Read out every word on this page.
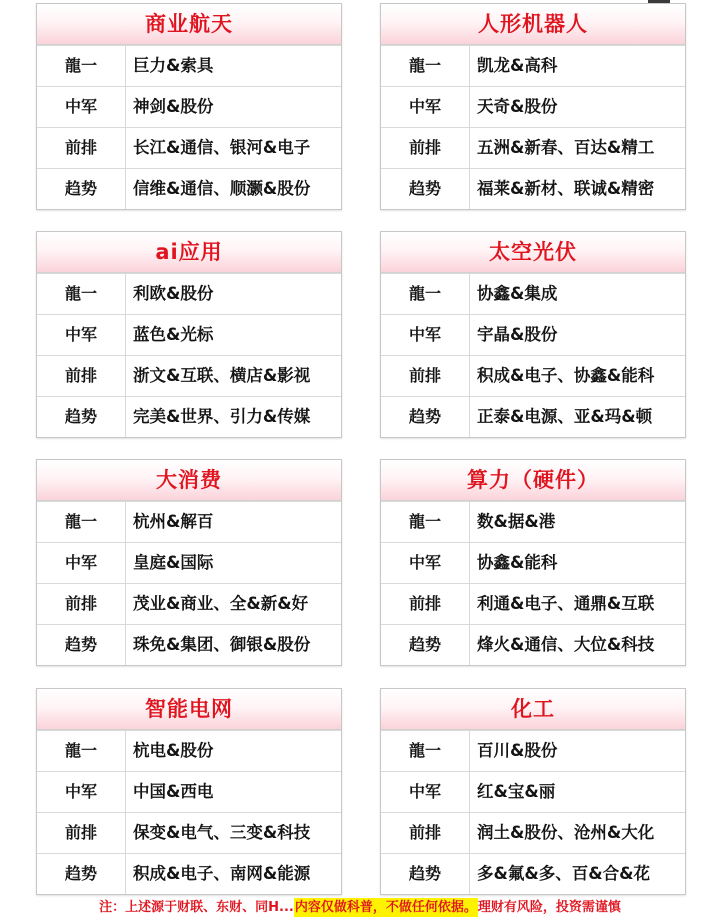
商业航天
龍一	巨力&索具
中军	神剑&股份
前排	长江&通信、银河&电子
趋势	信维&通信、顺灏&股份
人形机器人
龍一	凯龙&高科
中军	天奇&股份
前排	五洲&新春、百达&精工
趋势	福莱&新材、联诚&精密
ai应用
龍一	利欧&股份
中军	蓝色&光标
前排	浙文&互联、横店&影视
趋势	完美&世界、引力&传媒
太空光伏
龍一	协鑫&集成
中军	宇晶&股份
前排	积成&电子、协鑫&能科
趋势	正泰&电源、亚&玛&顿
大消费
龍一	杭州&解百
中军	皇庭&国际
前排	茂业&商业、全&新&好
趋势	珠免&集团、御银&股份
算力（硬件）
龍一	数&据&港
中军	协鑫&能科
前排	利通&电子、通鼎&互联
趋势	烽火&通信、大位&科技
智能电网
龍一	杭电&股份
中军	中国&西电
前排	保变&电气、三变&科技
趋势	积成&电子、南网&能源
化工
龍一	百川&股份
中军	红&宝&丽
前排	润土&股份、沧州&大化
趋势	多&氟&多、百&合&花
注：上述源于财联、东财、同H...内容仅做科普，不做任何依据。理财有风险，投资需谨慎
